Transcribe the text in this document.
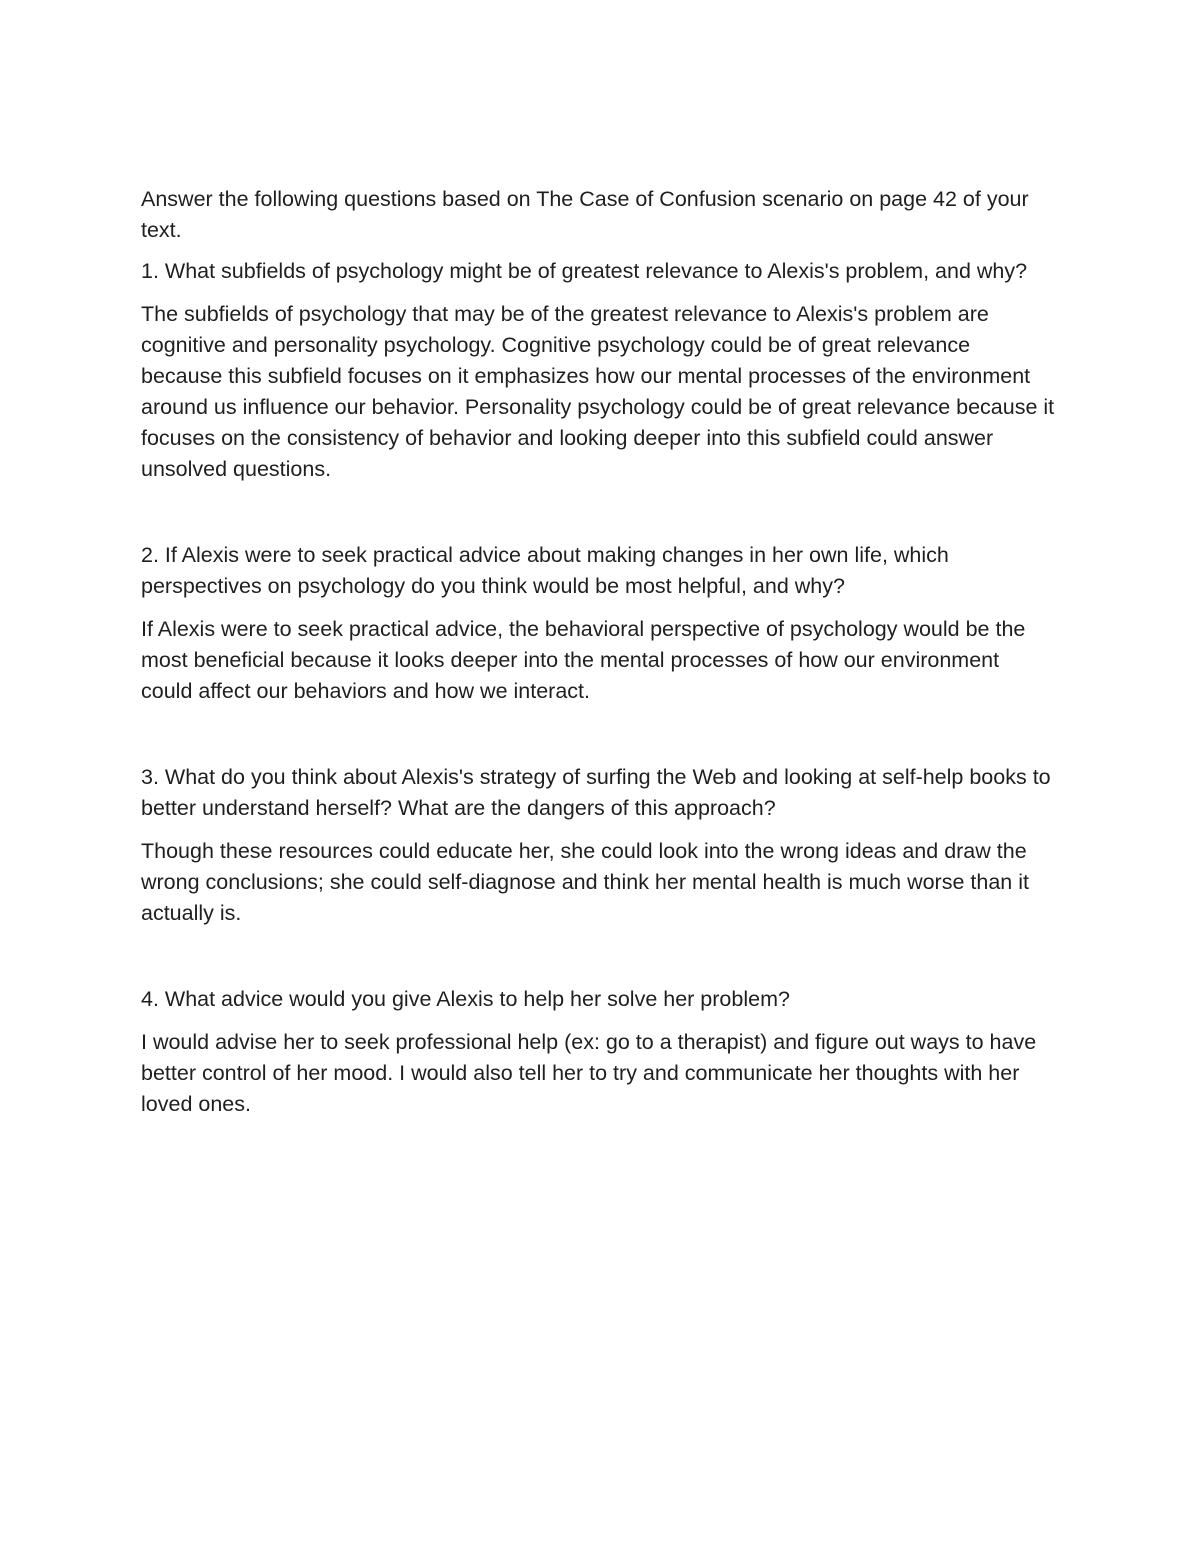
Answer the following questions based on The Case of Confusion scenario on page 42 of your text.

1. What subfields of psychology might be of greatest relevance to Alexis's problem, and why?

The subfields of psychology that may be of the greatest relevance to Alexis's problem are cognitive and personality psychology. Cognitive psychology could be of great relevance because this subfield focuses on it emphasizes how our mental processes of the environment around us influence our behavior. Personality psychology could be of great relevance because it focuses on the consistency of behavior and looking deeper into this subfield could answer unsolved questions.

2. If Alexis were to seek practical advice about making changes in her own life, which perspectives on psychology do you think would be most helpful, and why?

If Alexis were to seek practical advice, the behavioral perspective of psychology would be the most beneficial because it looks deeper into the mental processes of how our environment could affect our behaviors and how we interact.

3. What do you think about Alexis's strategy of surfing the Web and looking at self-help books to better understand herself? What are the dangers of this approach?

Though these resources could educate her, she could look into the wrong ideas and draw the wrong conclusions; she could self-diagnose and think her mental health is much worse than it actually is.

4. What advice would you give Alexis to help her solve her problem?

I would advise her to seek professional help (ex: go to a therapist) and figure out ways to have better control of her mood. I would also tell her to try and communicate her thoughts with her loved ones.
